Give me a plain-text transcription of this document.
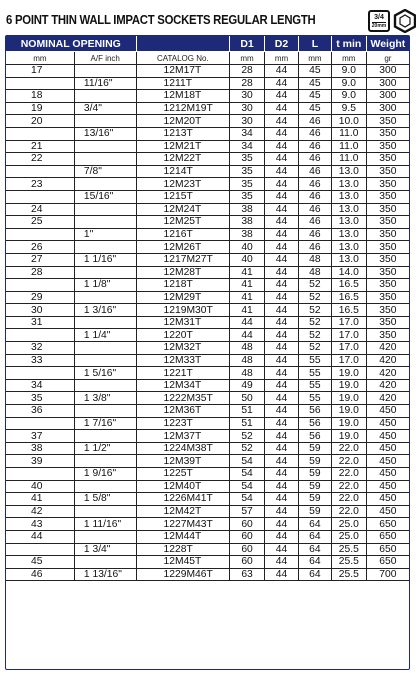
6 POINT THIN WALL IMPACT SOCKETS REGULAR LENGTH	3/4
20mm
NOMINAL OPENING			D1	D2	L	t min	Weight
mm	A/F inch	CATALOG No.	mm	mm	mm	mm	gr
17		12M17T	28	44	45	9.0	300
	11/16"	1211T	28	44	45	9.0	300
18		12M18T	30	44	45	9.0	300
19	3/4"	1212M19T	30	44	45	9.5	300
20		12M20T	30	44	46	10.0	350
	13/16"	1213T	34	44	46	11.0	350
21		12M21T	34	44	46	11.0	350
22		12M22T	35	44	46	11.0	350
	7/8"	1214T	35	44	46	13.0	350
23		12M23T	35	44	46	13.0	350
	15/16"	1215T	35	44	46	13.0	350
24		12M24T	38	44	46	13.0	350
25		12M25T	38	44	46	13.0	350
	1"	1216T	38	44	46	13.0	350
26		12M26T	40	44	46	13.0	350
27	1 1/16"	1217M27T	40	44	48	13.0	350
28		12M28T	41	44	48	14.0	350
	1 1/8"	1218T	41	44	52	16.5	350
29		12M29T	41	44	52	16.5	350
30	1 3/16"	1219M30T	41	44	52	16.5	350
31		12M31T	44	44	52	17.0	350
	1 1/4"	1220T	44	44	52	17.0	350
32		12M32T	48	44	52	17.0	420
33		12M33T	48	44	55	17.0	420
	1 5/16"	1221T	48	44	55	19.0	420
34		12M34T	49	44	55	19.0	420
35	1 3/8"	1222M35T	50	44	55	19.0	420
36		12M36T	51	44	56	19.0	450
	1 7/16"	1223T	51	44	56	19.0	450
37		12M37T	52	44	56	19.0	450
38	1 1/2"	1224M38T	52	44	59	22.0	450
39		12M39T	54	44	59	22.0	450
	1 9/16"	1225T	54	44	59	22.0	450
40		12M40T	54	44	59	22.0	450
41	1 5/8"	1226M41T	54	44	59	22.0	450
42		12M42T	57	44	59	22.0	450
43	1 11/16"	1227M43T	60	44	64	25.0	650
44		12M44T	60	44	64	25.0	650
	1 3/4"	1228T	60	44	64	25.5	650
45		12M45T	60	44	64	25.5	650
46	1 13/16"	1229M46T	63	44	64	25.5	700
